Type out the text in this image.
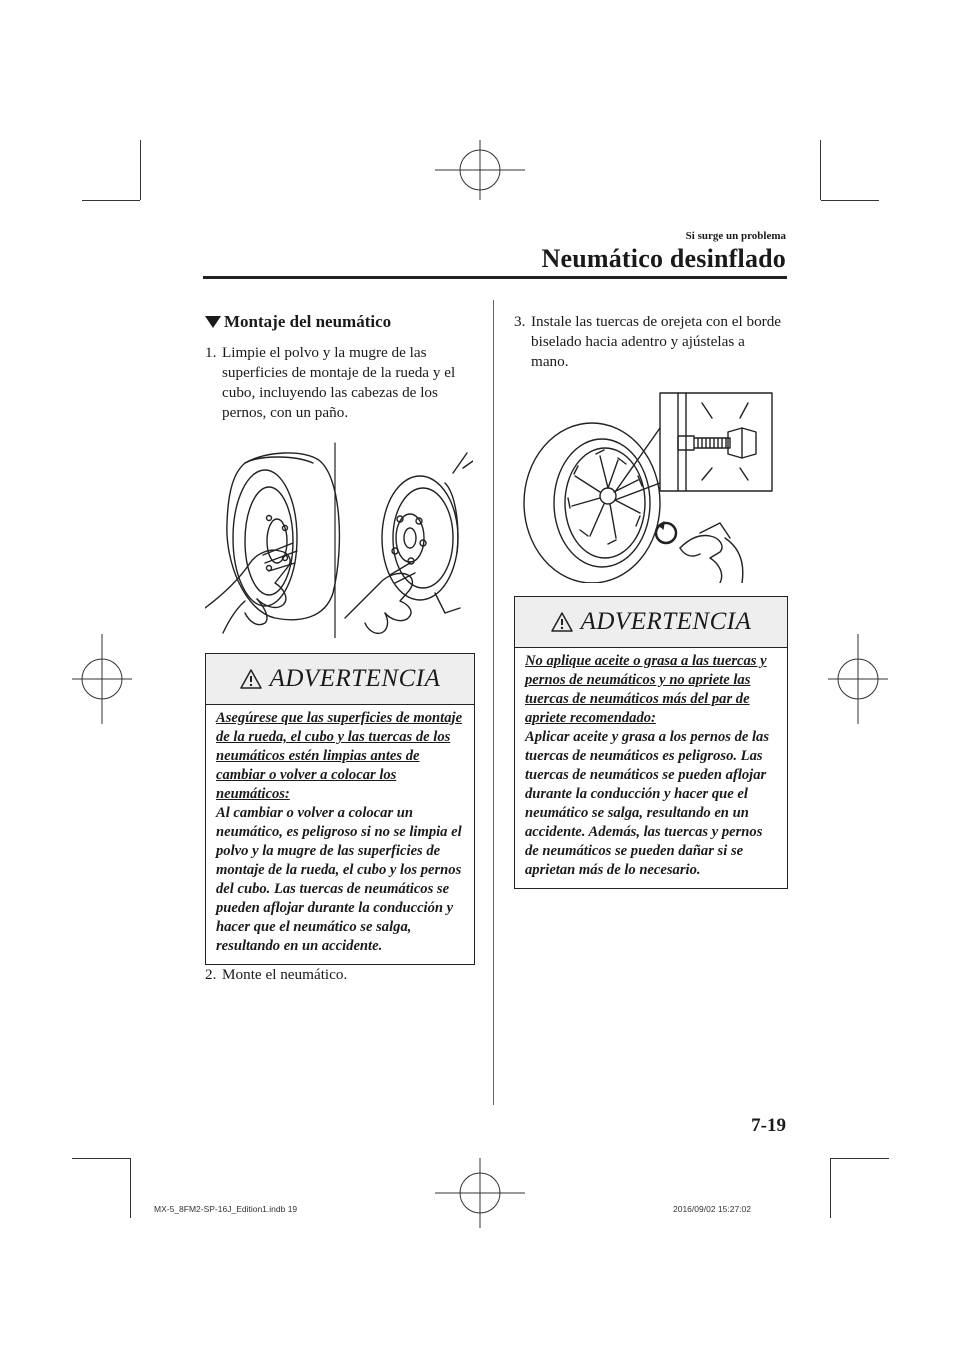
Si surge un problema
Neumático desinflado
Montaje del neumático
1. Limpie el polvo y la mugre de las superficies de montaje de la rueda y el cubo, incluyendo las cabezas de los pernos, con un paño.
ADVERTENCIA
Asegúrese que las superficies de montaje de la rueda, el cubo y las tuercas de los neumáticos estén limpias antes de cambiar o volver a colocar los neumáticos:
Al cambiar o volver a colocar un neumático, es peligroso si no se limpia el polvo y la mugre de las superficies de montaje de la rueda, el cubo y los pernos del cubo. Las tuercas de neumáticos se pueden aflojar durante la conducción y hacer que el neumático se salga, resultando en un accidente.
2. Monte el neumático.
3. Instale las tuercas de orejeta con el borde biselado hacia adentro y ajústelas a mano.
ADVERTENCIA
No aplique aceite o grasa a las tuercas y pernos de neumáticos y no apriete las tuercas de neumáticos más del par de apriete recomendado:
Aplicar aceite y grasa a los pernos de las tuercas de neumáticos es peligroso. Las tuercas de neumáticos se pueden aflojar durante la conducción y hacer que el neumático se salga, resultando en un accidente. Además, las tuercas y pernos de neumáticos se pueden dañar si se aprietan más de lo necesario.
7-19
MX-5_8FM2-SP-16J_Edition1.indb 19	2016/09/02 15:27:02
